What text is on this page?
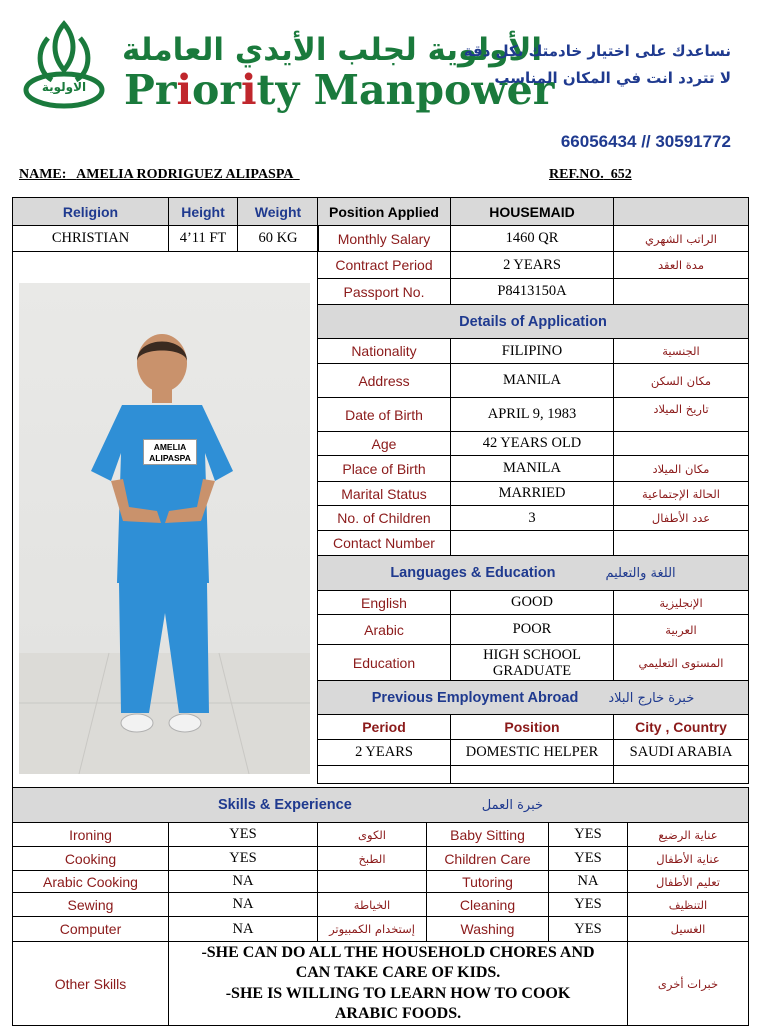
الاولوية
الأولوية لجلب الأيدي العاملة
Priority Manpower
نساعدك على اختيار خادمتك بكل دقة
لا تتردد انت في المكان المناسب
66056434 // 30591772
NAME: AMELIA RODRIGUEZ ALIPASPA	REF.NO. 652
Religion	Height	Weight
CHRISTIAN	4’11 FT	60 KG
AMELIA
ALIPASPA
Position Applied	HOUSEMAID	
Monthly Salary	1460 QR	الراتب الشهري
Contract Period	2 YEARS	مدة العقد
Passport No.	P8413150A	
Details of Application		
Nationality	FILIPINO	الجنسية
Address	MANILA	مكان السكن
Date of Birth	APRIL 9, 1983	تاريخ الميلاد
Age	42 YEARS OLD	
Place of Birth	MANILA	مكان الميلاد
Marital Status	MARRIED	الحالة الإجتماعية
No. of Children	3	عدد الأطفال
Contact Number		
Languages & Education اللغة والتعليم		
English	GOOD	الإنجليزية
Arabic	POOR	العربية
Education	HIGH SCHOOL GRADUATE	المستوى التعليمي
Previous Employment Abroad خبرة خارج البلاد		
Period	Position	City , Country
2 YEARS	DOMESTIC HELPER	SAUDI ARABIA

Skills & Experience خبرة العمل					
Ironing	YES	الكوى	Baby Sitting	YES	عناية الرضيع
Cooking	YES	الطبخ	Children Care	YES	عناية الأطفال
Arabic Cooking	NA		Tutoring	NA	تعليم الأطفال
Sewing	NA	الخياطة	Cleaning	YES	التنظيف
Computer	NA	إستخدام الكمبيوتر	Washing	YES	الغسيل
Other Skills	-SHE CAN DO ALL THE HOUSEHOLD CHORES AND
CAN TAKE CARE OF KIDS.
-SHE IS WILLING TO LEARN HOW TO COOK
ARABIC FOODS.				خبرات أخرى
